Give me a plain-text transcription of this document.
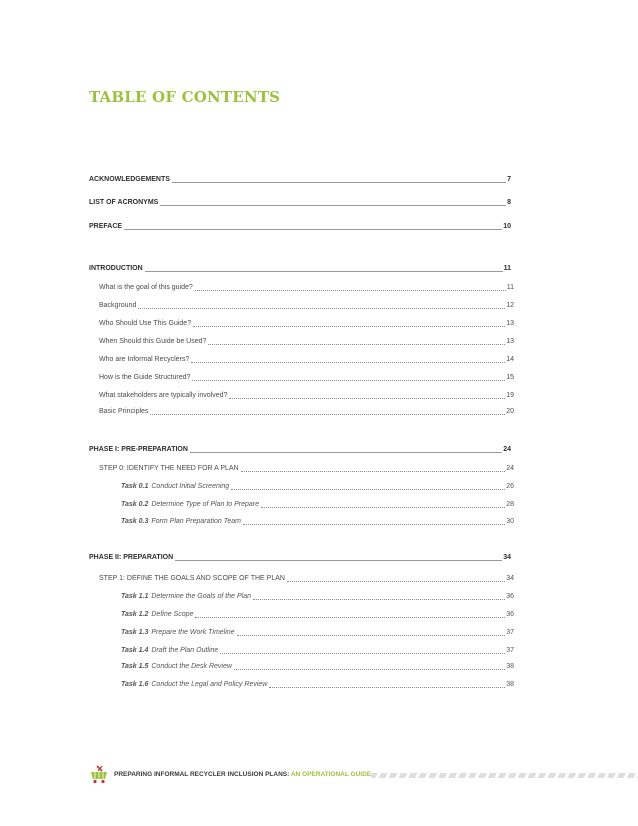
TABLE OF CONTENTS
ACKNOWLEDGEMENTS	7
LIST OF ACRONYMS	8
PREFACE	10
INTRODUCTION	11
What is the goal of this guide?	11
Background	12
Who Should Use This Guide?	13
When Should this Guide be Used?	13
Who are Informal Recyclers?	14
How is the Guide Structured?	15
What stakeholders are typically involved?	19
Basic Principles	20
PHASE I: PRE-PREPARATION	24
STEP 0: IDENTIFY THE NEED FOR A PLAN	24
Task 0.1 Conduct Initial Screening	26
Task 0.2 Determine Type of Plan to Prepare	28
Task 0.3 Form Plan Preparation Team	30
PHASE II: PREPARATION	34
STEP 1: DEFINE THE GOALS AND SCOPE OF THE PLAN	34
Task 1.1 Determine the Goals of the Plan	36
Task 1.2 Define Scope	36
Task 1.3 Prepare the Work Timeline	37
Task 1.4 Draft the Plan Outline	37
Task 1.5 Conduct the Desk Review	38
Task 1.6 Conduct the Legal and Policy Review	38
PREPARING INFORMAL RECYCLER INCLUSION PLANS: AN OPERATIONAL GUIDE
